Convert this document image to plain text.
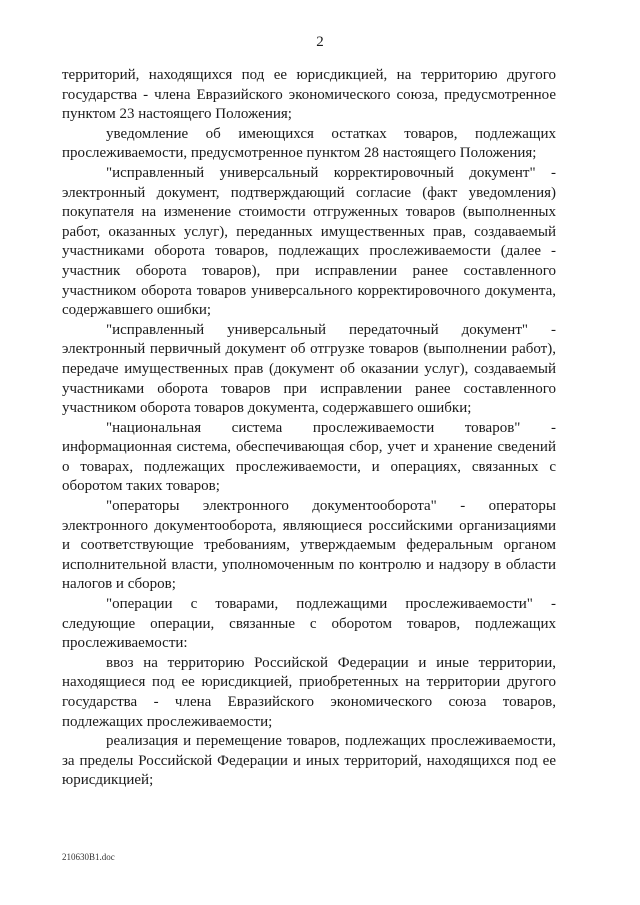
2

территорий, находящихся под ее юрисдикцией, на территорию другого государства - члена Евразийского экономического союза, предусмотренное пунктом 23 настоящего Положения;

уведомление об имеющихся остатках товаров, подлежащих прослеживаемости, предусмотренное пунктом 28 настоящего Положения;

"исправленный универсальный корректировочный документ" - электронный документ, подтверждающий согласие (факт уведомления) покупателя на изменение стоимости отгруженных товаров (выполненных работ, оказанных услуг), переданных имущественных прав, создаваемый участниками оборота товаров, подлежащих прослеживаемости (далее - участник оборота товаров), при исправлении ранее составленного участником оборота товаров универсального корректировочного документа, содержавшего ошибки;

"исправленный универсальный передаточный документ" - электронный первичный документ об отгрузке товаров (выполнении работ), передаче имущественных прав (документ об оказании услуг), создаваемый участниками оборота товаров при исправлении ранее составленного участником оборота товаров документа, содержавшего ошибки;

"национальная система прослеживаемости товаров" - информационная система, обеспечивающая сбор, учет и хранение сведений о товарах, подлежащих прослеживаемости, и операциях, связанных с оборотом таких товаров;

"операторы электронного документооборота" - операторы электронного документооборота, являющиеся российскими организациями и соответствующие требованиям, утверждаемым федеральным органом исполнительной власти, уполномоченным по контролю и надзору в области налогов и сборов;

"операции с товарами, подлежащими прослеживаемости" - следующие операции, связанные с оборотом товаров, подлежащих прослеживаемости:

ввоз на территорию Российской Федерации и иные территории, находящиеся под ее юрисдикцией, приобретенных на территории другого государства - члена Евразийского экономического союза товаров, подлежащих прослеживаемости;

реализация и перемещение товаров, подлежащих прослеживаемости, за пределы Российской Федерации и иных территорий, находящихся под ее юрисдикцией;

210630B1.doc
